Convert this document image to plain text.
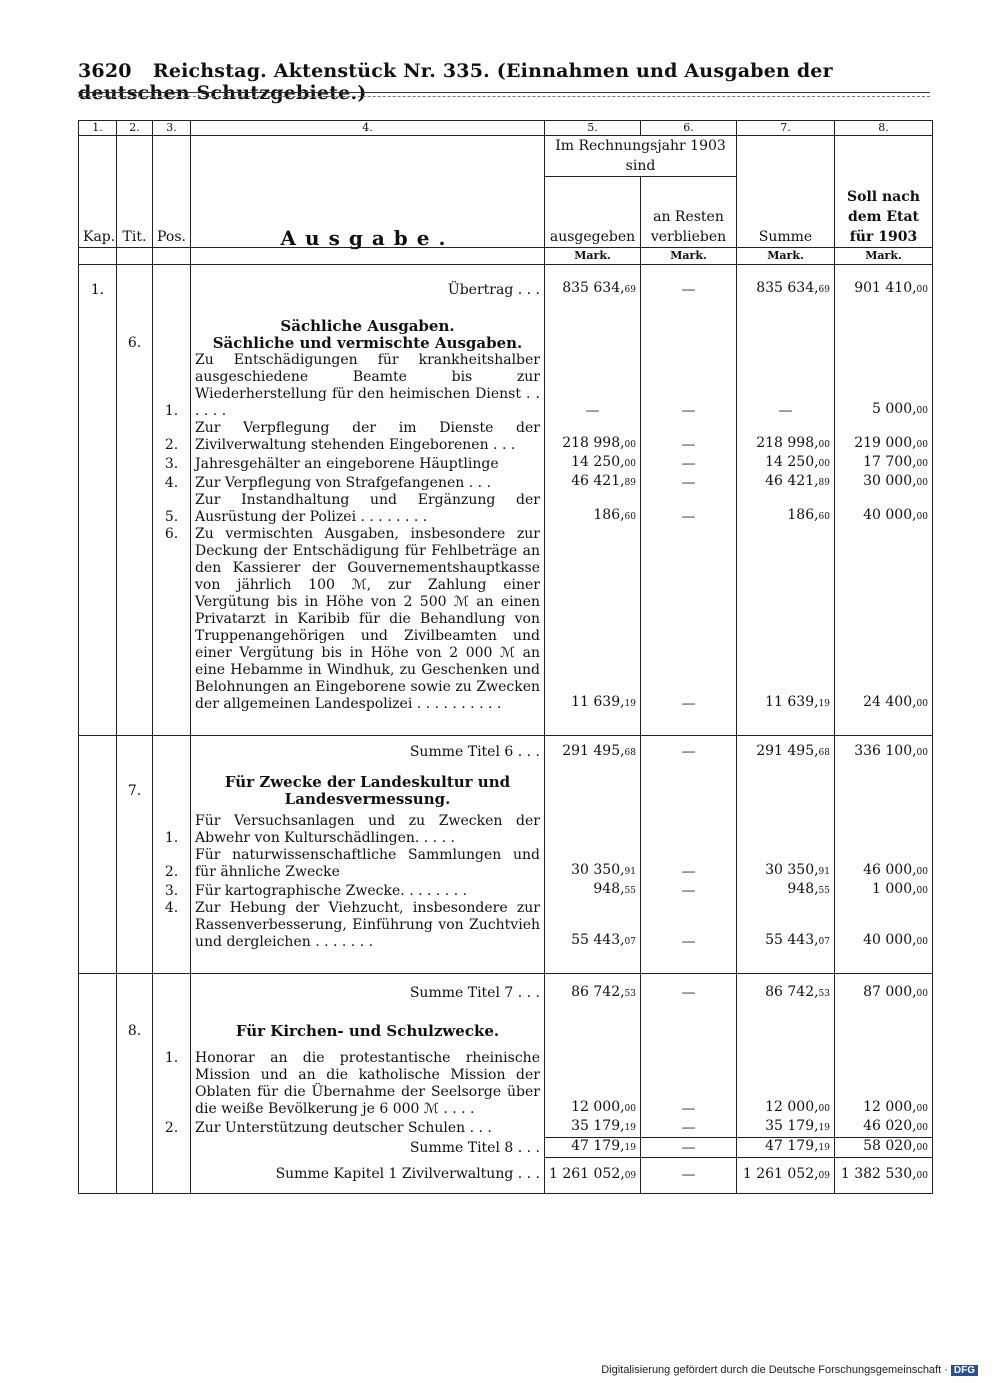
3620 Reichstag. Aktenstück Nr. 335. (Einnahmen und Ausgaben der deutschen Schutzgebiete.)
1.	2.	3.	4.	5.	6.	7.	8.
Kap.	Tit.	Pos.	Ausgabe.	Im Rechnungsjahr 1903 sind		Summe	Soll nach dem Etat für 1903
				ausgegeben	an Resten verblieben		
				Mark.	Mark.	Mark.	Mark.
1.			Übertrag . . .	835 634,69	—	835 634,69	901 410,00
			Sächliche Ausgaben.				
	6.		Sächliche und vermischte Ausgaben.				
		1.	Zu Entschädigungen für krankheitshalber ausgeschiedene Beamte bis zur Wiederherstellung für den heimischen Dienst . . . . . .	—	—	—	5 000,00
		2.	Zur Verpflegung der im Dienste der Zivilverwaltung stehenden Eingeborenen . . .	218 998,00	—	218 998,00	219 000,00
		3.	Jahresgehälter an eingeborene Häuptlinge	14 250,00	—	14 250,00	17 700,00
		4.	Zur Verpflegung von Strafgefangenen . . .	46 421,89	—	46 421,89	30 000,00
		5.	Zur Instandhaltung und Ergänzung der Ausrüstung der Polizei . . . . . . . .	186,60	—	186,60	40 000,00
		6.	Zu vermischten Ausgaben, insbesondere zur Deckung der Entschädigung für Fehlbeträge an den Kassierer der Gouvernementshauptkasse von jährlich 100 ℳ, zur Zahlung einer Vergütung bis in Höhe von 2 500 ℳ an einen Privatarzt in Karibib für die Behandlung von Truppenangehörigen und Zivilbeamten und einer Vergütung bis in Höhe von 2 000 ℳ an eine Hebamme in Windhuk, zu Geschenken und Belohnungen an Eingeborene sowie zu Zwecken der allgemeinen Landespolizei . . . . . . . . . .	11 639,19	—	11 639,19	24 400,00

			Summe Titel 6 . . .	291 495,68	—	291 495,68	336 100,00
	7.		Für Zwecke der Landeskultur und Landesvermessung.				
		1.	Für Versuchsanlagen und zu Zwecken der Abwehr von Kulturschädlingen. . . . .				
		2.	Für naturwissenschaftliche Sammlungen und für ähnliche Zwecke	30 350,91	—	30 350,91	46 000,00
		3.	Für kartographische Zwecke. . . . . . . .	948,55	—	948,55	1 000,00
		4.	Zur Hebung der Viehzucht, insbesondere zur Rassenverbesserung, Einführung von Zuchtvieh und dergleichen . . . . . . .	55 443,07	—	55 443,07	40 000,00

			Summe Titel 7 . . .	86 742,53	—	86 742,53	87 000,00
	8.		Für Kirchen- und Schulzwecke.				
		1.	Honorar an die protestantische rheinische Mission und an die katholische Mission der Oblaten für die Übernahme der Seelsorge über die weiße Bevölkerung je 6 000 ℳ . . . .	12 000,00	—	12 000,00	12 000,00
		2.	Zur Unterstützung deutscher Schulen . . .	35 179,19	—	35 179,19	46 020,00
			Summe Titel 8 . . .	47 179,19	—	47 179,19	58 020,00
			Summe Kapitel 1 Zivilverwaltung . . .	1 261 052,09	—	1 261 052,09	1 382 530,00
Digitalisierung gefördert durch die Deutsche Forschungsgemeinschaft · DFG
